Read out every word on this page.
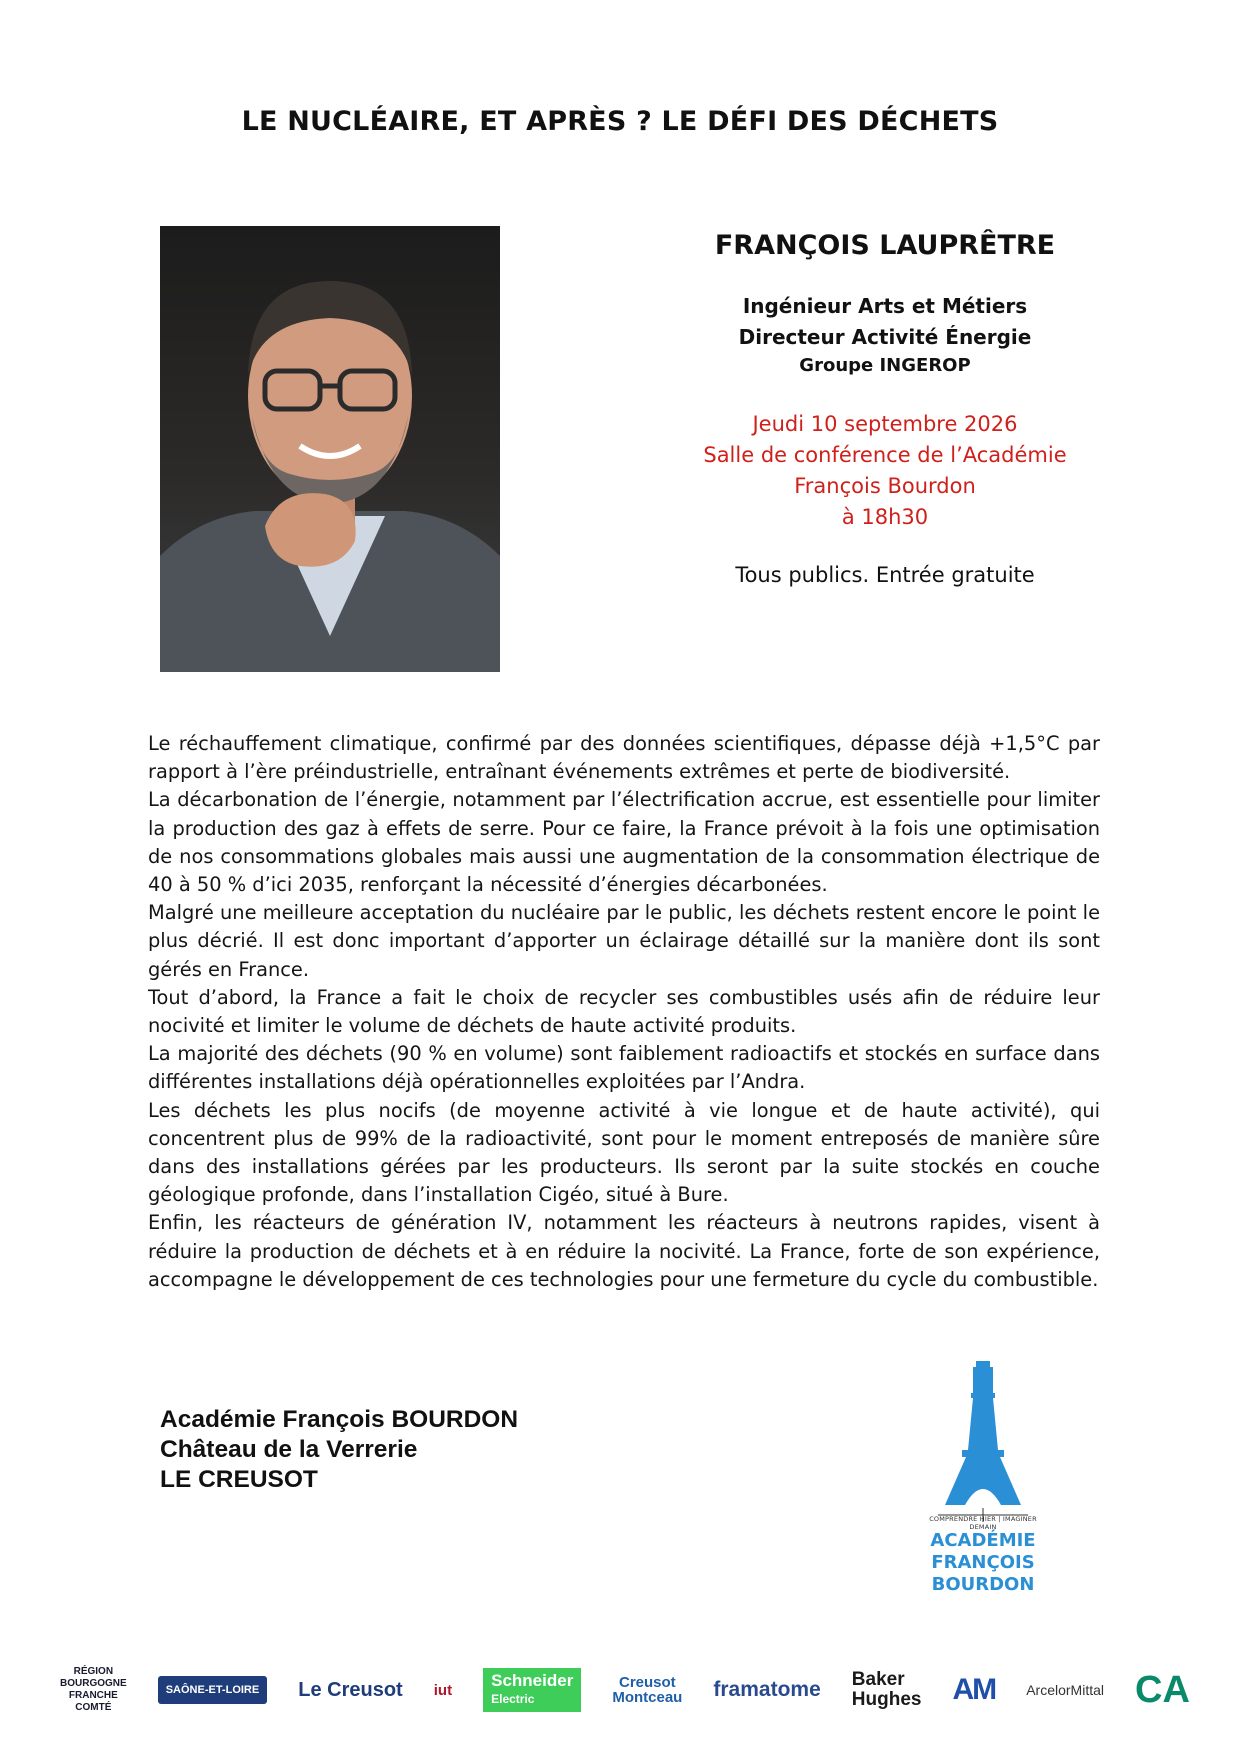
LE NUCLÉAIRE, ET APRÈS ? LE DÉFI DES DÉCHETS
FRANÇOIS LAUPRÊTRE
Ingénieur Arts et Métiers
Directeur Activité Énergie
Groupe INGEROP
Jeudi 10 septembre 2026
Salle de conférence de l’Académie
François Bourdon
à 18h30
Tous publics. Entrée gratuite

Le réchauffement climatique, confirmé par des données scientifiques, dépasse déjà +1,5°C par rapport à l’ère préindustrielle, entraînant événements extrêmes et perte de biodiversité.

La décarbonation de l’énergie, notamment par l’électrification accrue, est essentielle pour limiter la production des gaz à effets de serre. Pour ce faire, la France prévoit à la fois une optimisation de nos consommations globales mais aussi une augmentation de la consommation électrique de 40 à 50 % d’ici 2035, renforçant la nécessité d’énergies décarbonées.

Malgré une meilleure acceptation du nucléaire par le public, les déchets restent encore le point le plus décrié. Il est donc important d’apporter un éclairage détaillé sur la manière dont ils sont gérés en France.

Tout d’abord, la France a fait le choix de recycler ses combustibles usés afin de réduire leur nocivité et limiter le volume de déchets de haute activité produits.

La majorité des déchets (90 % en volume) sont faiblement radioactifs et stockés en surface dans différentes installations déjà opérationnelles exploitées par l’Andra.

Les déchets les plus nocifs (de moyenne activité à vie longue et de haute activité), qui concentrent plus de 99% de la radioactivité, sont pour le moment entreposés de manière sûre dans des installations gérées par les producteurs. Ils seront par la suite stockés en couche géologique profonde, dans l’installation Cigéo, situé à Bure.

Enfin, les réacteurs de génération IV, notamment les réacteurs à neutrons rapides, visent à réduire la production de déchets et à en réduire la nocivité. La France, forte de son expérience, accompagne le développement de ces technologies pour une fermeture du cycle du combustible.

Académie François BOURDON
Château de la Verrerie
LE CREUSOT
COMPRENDRE HIER | IMAGINER DEMAIN
ACADÉMIE
FRANÇOIS
BOURDON
RÉGION
BOURGOGNE
FRANCHE
COMTÉ
SAÔNE-ET-LOIRE	Le Creusot iut Schneider
Electric
Creusot
Montceau framatome Baker
Hughes AM ArcelorMittal CA
